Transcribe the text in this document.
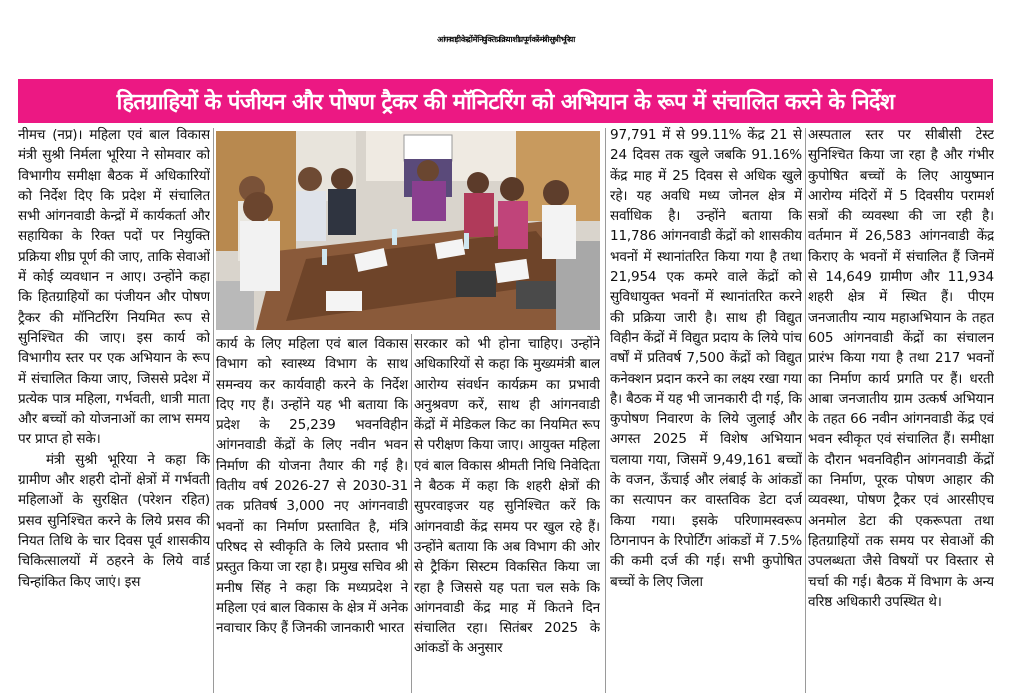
आंगनवाड़ी केन्द्रों में नियुक्ति प्रक्रिया शीघ्र पूर्ण करें-मंत्री सुश्री भूरिया
हितग्राहियों के पंजीयन और पोषण ट्रैकर की मॉनिटरिंग को अभियान के रूप में संचालित करने के निर्देश

नीमच (नप्र)। महिला एवं बाल विकास मंत्री सुश्री निर्मला भूरिया ने सोमवार को विभागीय समीक्षा बैठक में अधिकारियों को निर्देश दिए कि प्रदेश में संचालित सभी आंगनवाडी केन्द्रों में कार्यकर्ता और सहायिका के रिक्त पदों पर नियुक्ति प्रक्रिया शीघ्र पूर्ण की जाए, ताकि सेवाओं में कोई व्यवधान न आए। उन्होंने कहा कि हितग्राहियों का पंजीयन और पोषण ट्रैकर की मॉनिटरिंग नियमित रूप से सुनिश्चित की जाए। इस कार्य को विभागीय स्तर पर एक अभियान के रूप में संचालित किया जाए, जिससे प्रदेश में प्रत्येक पात्र महिला, गर्भवती, धात्री माता और बच्चों को योजनाओं का लाभ समय पर प्राप्त हो सके।

मंत्री सुश्री भूरिया ने कहा कि ग्रामीण और शहरी दोनों क्षेत्रों में गर्भवती महिलाओं के सुरक्षित (परेशन रहित) प्रसव सुनिश्चित करने के लिये प्रसव की नियत तिथि के चार दिवस पूर्व शासकीय चिकित्सालयों में ठहरने के लिये वार्ड चिन्हांकित किए जाएं। इस

कार्य के लिए महिला एवं बाल विकास विभाग को स्वास्थ्य विभाग के साथ समन्वय कर कार्यवाही करने के निर्देश दिए गए हैं। उन्होंने यह भी बताया कि प्रदेश के 25,239 भवनविहीन आंगनवाडी केंद्रों के लिए नवीन भवन निर्माण की योजना तैयार की गई है। वितीय वर्ष 2026-27 से 2030-31 तक प्रतिवर्ष 3,000 नए आंगनवाडी भवनों का निर्माण प्रस्तावित है, मंत्रि परिषद से स्वीकृति के लिये प्रस्ताव भी प्रस्तुत किया जा रहा है। प्रमुख सचिव श्री मनीष सिंह ने कहा कि मध्यप्रदेश ने महिला एवं बाल विकास के क्षेत्र में अनेक नवाचार किए हैं जिनकी जानकारी भारत

सरकार को भी होना चाहिए। उन्होंने अधिकारियों से कहा कि मुख्यमंत्री बाल आरोग्य संवर्धन कार्यक्रम का प्रभावी अनुश्रवण करें, साथ ही आंगनवाडी केंद्रों में मेडिकल किट का नियमित रूप से परीक्षण किया जाए। आयुक्त महिला एवं बाल विकास श्रीमती निधि निवेदिता ने बैठक में कहा कि शहरी क्षेत्रों की सुपरवाइजर यह सुनिश्चित करें कि आंगनवाडी केंद्र समय पर खुल रहे हैं। उन्होंने बताया कि अब विभाग की ओर से ट्रैकिंग सिस्टम विकसित किया जा रहा है जिससे यह पता चल सके कि आंगनवाडी केंद्र माह में कितने दिन संचालित रहा। सितंबर 2025 के आंकडों के अनुसार

97,791 में से 99.11% केंद्र 21 से 24 दिवस तक खुले जबकि 91.16% केंद्र माह में 25 दिवस से अधिक खुले रहे। यह अवधि मध्य जोनल क्षेत्र में सर्वाधिक है। उन्होंने बताया कि 11,786 आंगनवाडी केंद्रों को शासकीय भवनों में स्थानांतरित किया गया है तथा 21,954 एक कमरे वाले केंद्रों को सुविधायुक्त भवनों में स्थानांतरित करने की प्रक्रिया जारी है। साथ ही विद्युत विहीन केंद्रों में विद्युत प्रदाय के लिये पांच वर्षों में प्रतिवर्ष 7,500 केंद्रों को विद्युत कनेक्शन प्रदान करने का लक्ष्य रखा गया है। बैठक में यह भी जानकारी दी गई, कि कुपोषण निवारण के लिये जुलाई और अगस्त 2025 में विशेष अभियान चलाया गया, जिसमें 9,49,161 बच्चों के वजन, ऊँचाई और लंबाई के आंकडों का सत्यापन कर वास्तविक डेटा दर्ज किया गया। इसके परिणामस्वरूप ठिगनापन के रिपोर्टिंग आंकडों में 7.5% की कमी दर्ज की गई। सभी कुपोषित बच्चों के लिए जिला

अस्पताल स्तर पर सीबीसी टेस्ट सुनिश्चित किया जा रहा है और गंभीर कुपोषित बच्चों के लिए आयुष्मान आरोग्य मंदिरों में 5 दिवसीय परामर्श सत्रों की व्यवस्था की जा रही है। वर्तमान में 26,583 आंगनवाडी केंद्र किराए के भवनों में संचालित हैं जिनमें से 14,649 ग्रामीण और 11,934 शहरी क्षेत्र में स्थित हैं। पीएम जनजातीय न्याय महाअभियान के तहत 605 आंगनवाडी केंद्रों का संचालन प्रारंभ किया गया है तथा 217 भवनों का निर्माण कार्य प्रगति पर हैं। धरती आबा जनजातीय ग्राम उत्कर्ष अभियान के तहत 66 नवीन आंगनवाडी केंद्र एवं भवन स्वीकृत एवं संचालित हैं। समीक्षा के दौरान भवनविहीन आंगनवाडी केंद्रों का निर्माण, पूरक पोषण आहार की व्यवस्था, पोषण ट्रैकर एवं आरसीएच अनमोल डेटा की एकरूपता तथा हितग्राहियों तक समय पर सेवाओं की उपलब्धता जैसे विषयों पर विस्तार से चर्चा की गई। बैठक में विभाग के अन्य वरिष्ठ अधिकारी उपस्थित थे।
